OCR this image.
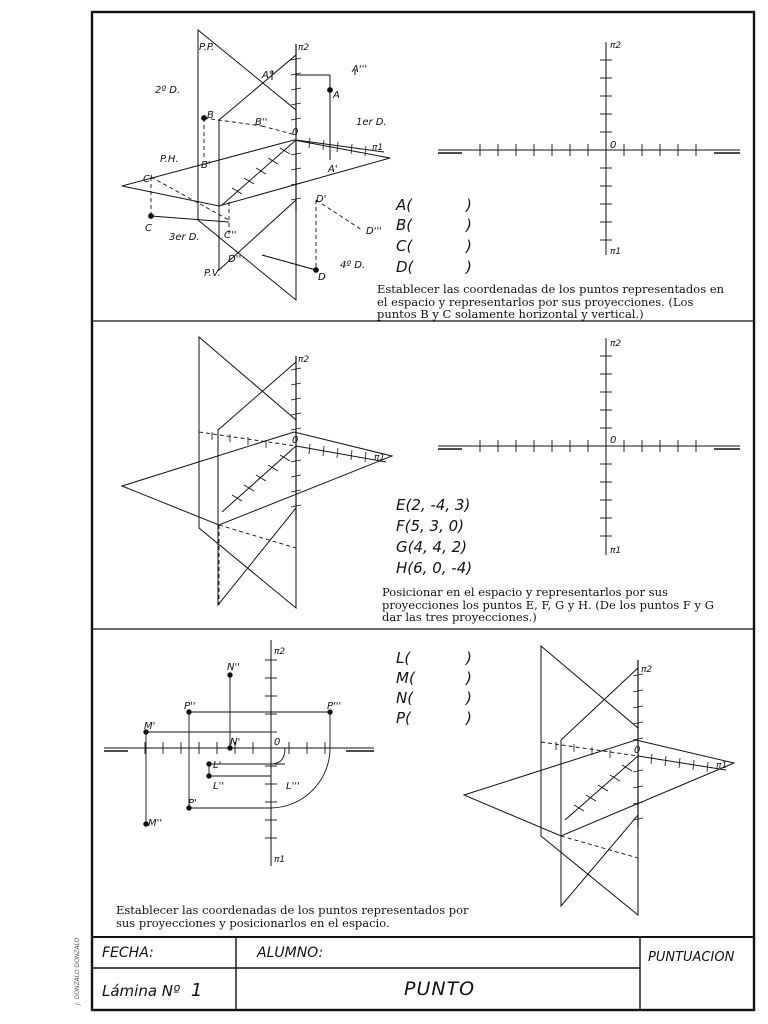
P.P.
P.H.
P.V.
2º D.
1er D.
3er D.
4º D.
A
A''
A'''
A'
B
B''
B'
C
C'
C''
D
D'
D''
D'''
0
π2
π1
π2
π1
0
A(	)
B(	)
C(	)
D(	)
π2
π1
0
π2
π1
0
E(2, -4, 3)
F(5, 3, 0)
G(4, 4, 2)
H(6, 0, -4)
π2
π1
0
N''
P''	P'''
M'
N'
L'
L''	L'''
P'
M''
L(	)
M(	)
N(	)
P(	)
π2
π1
0

Establecer las coordenadas de los puntos representados en el espacio y representarlos por sus proyecciones. (Los puntos B y C solamente horizontal y vertical.)

Posicionar en el espacio y representarlos por sus proyecciones los puntos E, F, G y H. (De los puntos F y G dar las tres proyecciones.)

Establecer las coordenadas de los puntos representados por sus proyecciones y posicionarlos en el espacio.

FECHA:	ALUMNO:	PUNTUACION
Lámina Nº 1	PUNTO
J. GONZALO GONZALO
